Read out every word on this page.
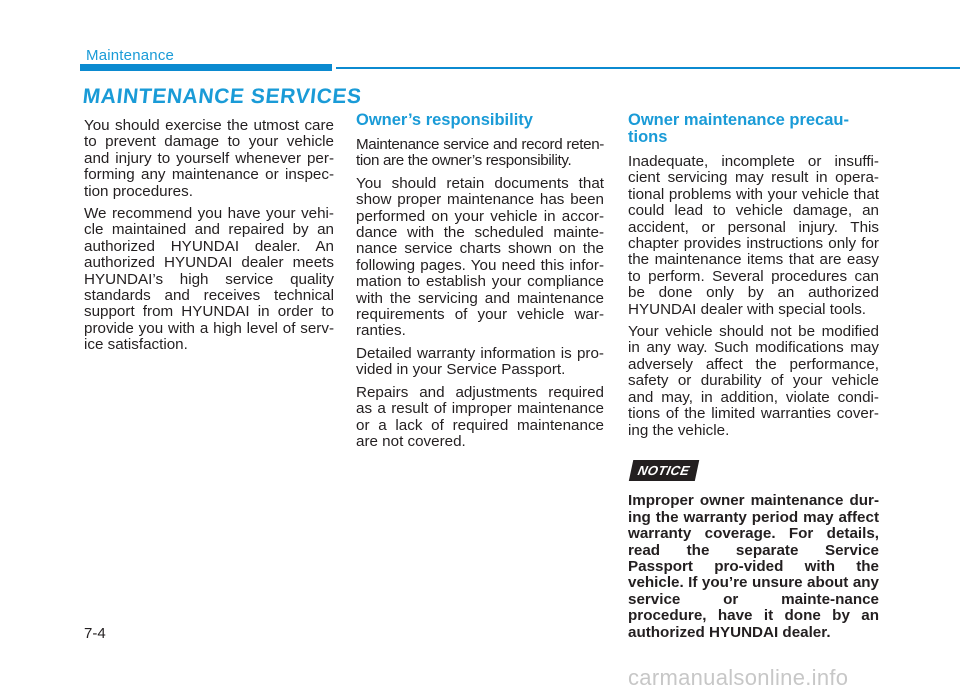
Maintenance
MAINTENANCE SERVICES

You should exercise the utmost care to prevent damage to your vehicle and injury to yourself whenever per-forming any maintenance or inspec-tion procedures.

We recommend you have your vehi-cle maintained and repaired by an authorized HYUNDAI dealer. An authorized HYUNDAI dealer meets HYUNDAI’s high service quality standards and receives technical support from HYUNDAI in order to provide you with a high level of serv-ice satisfaction.

Owner’s responsibility

Maintenance service and record reten-tion are the owner’s responsibility.

You should retain documents that show proper maintenance has been performed on your vehicle in accor-dance with the scheduled mainte-nance service charts shown on the following pages. You need this infor-mation to establish your compliance with the servicing and maintenance requirements of your vehicle war-ranties.

Detailed warranty information is pro-vided in your Service Passport.

Repairs and adjustments required as a result of improper maintenance or a lack of required maintenance are not covered.

Owner maintenance precau-tions

Inadequate, incomplete or insuffi-cient servicing may result in opera-tional problems with your vehicle that could lead to vehicle damage, an accident, or personal injury. This chapter provides instructions only for the maintenance items that are easy to perform. Several procedures can be done only by an authorized HYUNDAI dealer with special tools.

Your vehicle should not be modified in any way. Such modifications may adversely affect the performance, safety or durability of your vehicle and may, in addition, violate condi-tions of the limited warranties cover-ing the vehicle.

NOTICE

Improper owner maintenance dur-ing the warranty period may affect warranty coverage. For details, read the separate Service Passport pro-vided with the vehicle. If you’re unsure about any service or mainte-nance procedure, have it done by an authorized HYUNDAI dealer.

7-4
carmanualsonline.info
